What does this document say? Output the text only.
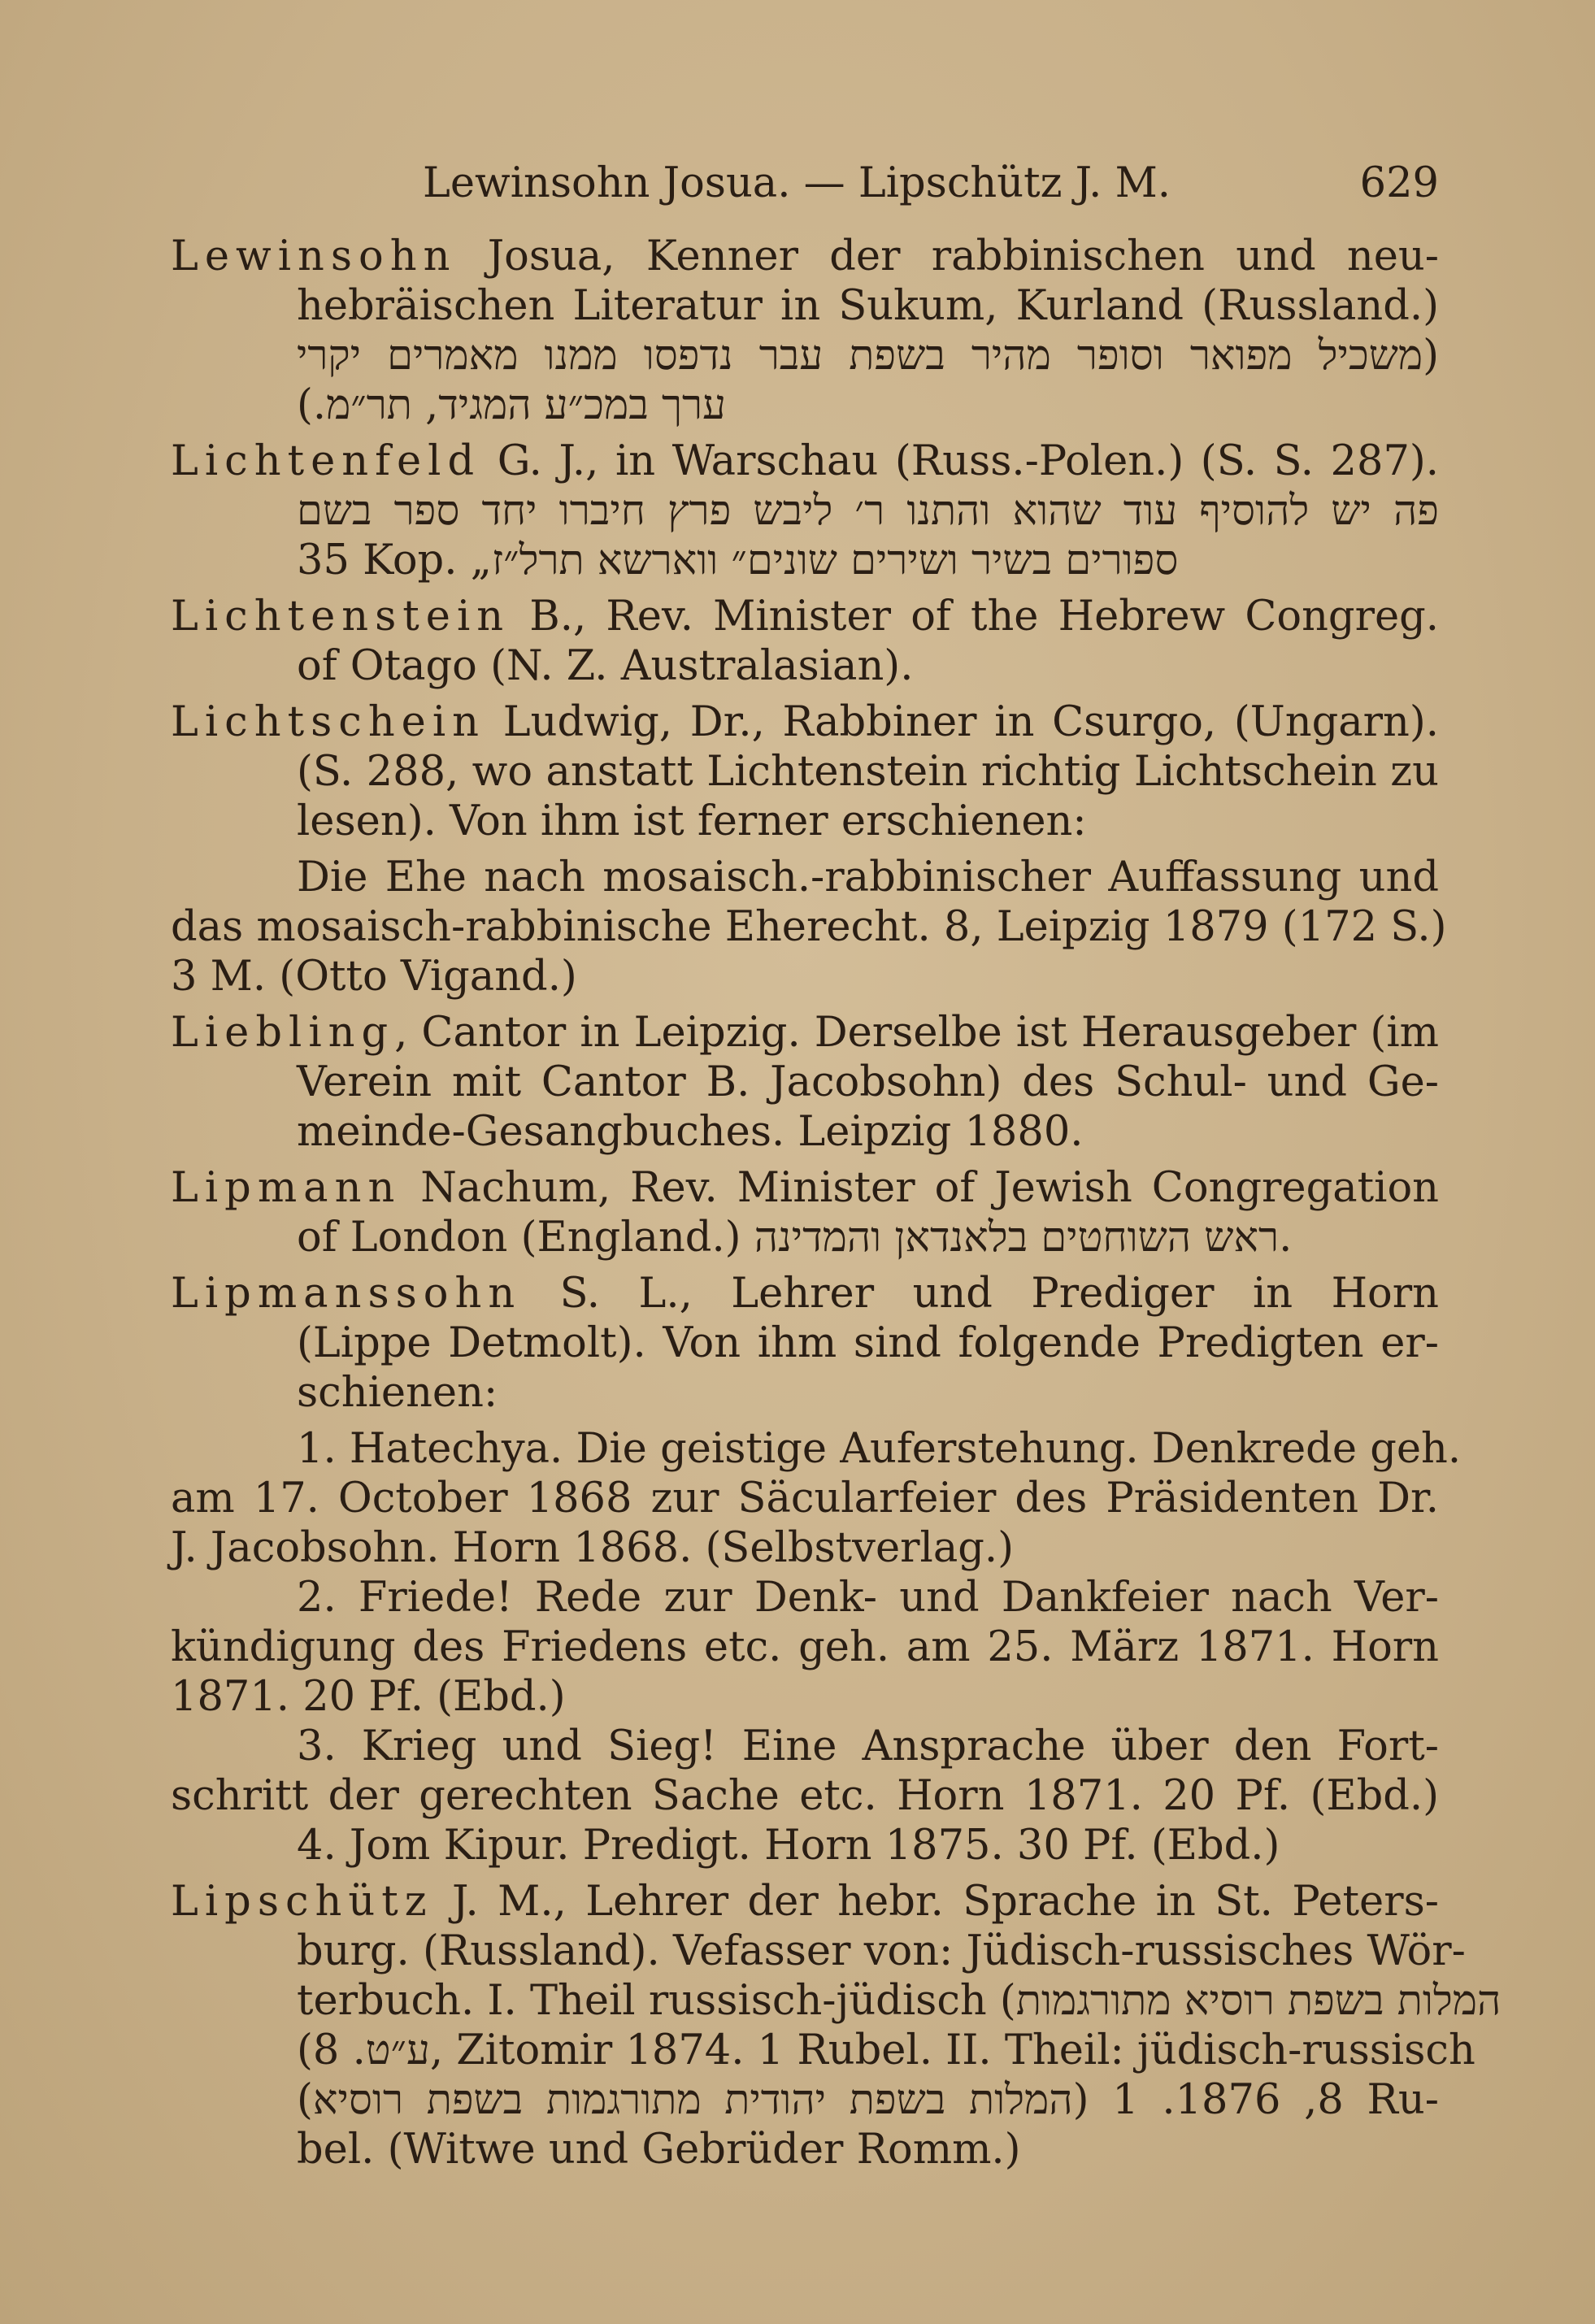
Lewinsohn Josua. — Lipschütz J. M.	629
Lewinsohn Josua, Kenner der rabbinischen und neu-
hebräischen Literatur in Sukum, Kurland (Russland.)
(משכיל מפואר וסופר מהיר בשפת עבר נדפסו ממנו מאמרים יקרי
ערך במכ״ע המגיד, תר״מ.)
Lichtenfeld G. J., in Warschau (Russ.-Polen.) (S. S. 287).
פה יש להוסיף עוד שהוא והתנו ר׳ ליבש פרץ חיברו יחד ספר בשם
35 Kop. „ספורים בשיר ושירים שונים״ ווארשא תרל״ז
Lichtenstein B., Rev. Minister of the Hebrew Congreg.
of Otago (N. Z. Australasian).
Lichtschein Ludwig, Dr., Rabbiner in Csurgo, (Ungarn).
(S. 288, wo anstatt Lichtenstein richtig Lichtschein zu
lesen). Von ihm ist ferner erschienen:
Die Ehe nach mosaisch.-rabbinischer Auffassung und
das mosaisch-rabbinische Eherecht. 8, Leipzig 1879 (172 S.)
3 M. (Otto Vigand.)
Liebling, Cantor in Leipzig. Derselbe ist Herausgeber (im
Verein mit Cantor B. Jacobsohn) des Schul- und Ge-
meinde-Gesangbuches. Leipzig 1880.
Lipmann Nachum, Rev. Minister of Jewish Congregation
of London (England.) ראש השוחטים בלאנדאן והמדינה.
Lipmanssohn S. L., Lehrer und Prediger in Horn
(Lippe Detmolt). Von ihm sind folgende Predigten er-
schienen:
1. Hatechya. Die geistige Auferstehung. Denkrede geh.
am 17. October 1868 zur Säcularfeier des Präsidenten Dr.
J. Jacobsohn. Horn 1868. (Selbstverlag.)
2. Friede! Rede zur Denk- und Dankfeier nach Ver-
kündigung des Friedens etc. geh. am 25. März 1871. Horn
1871. 20 Pf. (Ebd.)
3. Krieg und Sieg! Eine Ansprache über den Fort-
schritt der gerechten Sache etc. Horn 1871. 20 Pf. (Ebd.)
4. Jom Kipur. Predigt. Horn 1875. 30 Pf. (Ebd.)
Lipschütz J. M., Lehrer der hebr. Sprache in St. Peters-
burg. (Russland). Vefasser von: Jüdisch-russisches Wör-
terbuch. I. Theil russisch-jüdisch (המלות בשפת רוסיא מתורגמות
(ע״ט. 8, Zitomir 1874. 1 Rubel. II. Theil: jüdisch-russisch
(המלות בשפת יהודית מתורגמות בשפת רוסיא) 8, 1876. 1 Ru-
bel. (Witwe und Gebrüder Romm.)
